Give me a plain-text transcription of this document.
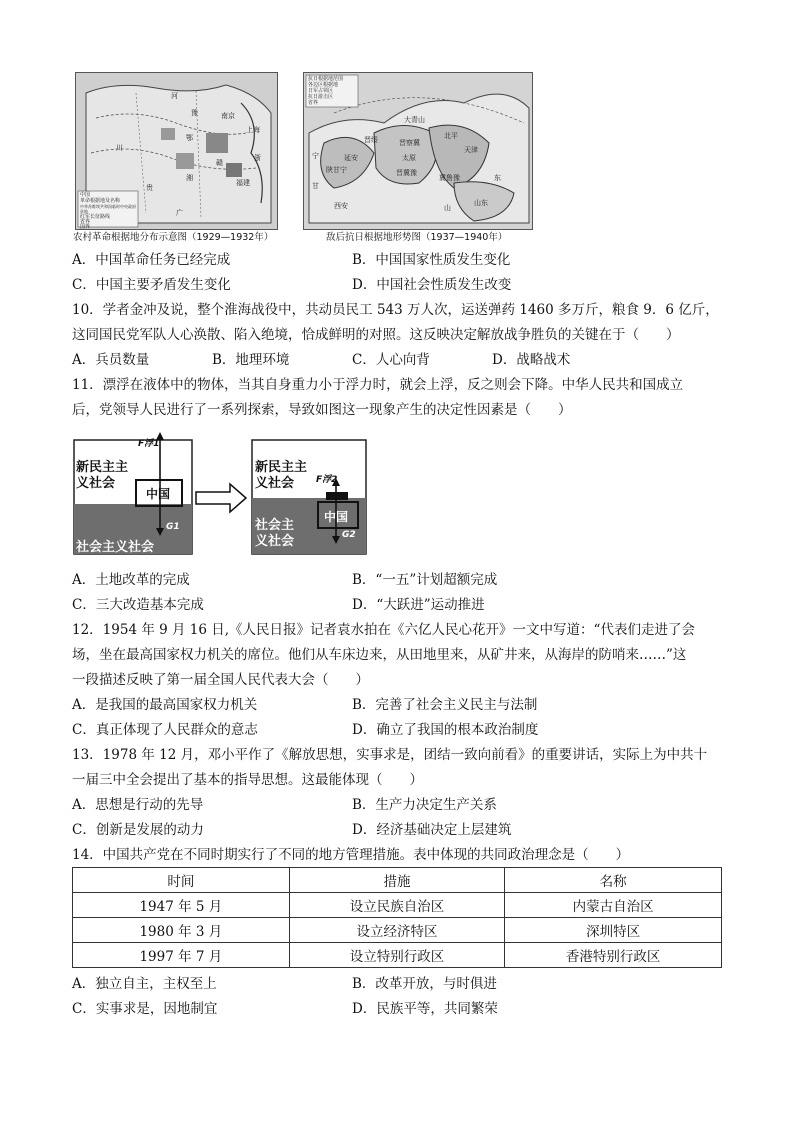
南京
上海
福建
浙
湘
赣
鄂
豫
川
贵
广
河
中国
革命根据地及名称
中华苏维埃共和国临时中央政府驻地
红军长征路线
省界
国界
农村革命根据地分布示意图（1929—1932年）
陕甘宁
晋察冀
晋绥
晋冀豫
冀鲁豫
山东
大青山
西安
北平
天津
太原
延安
宁
甘
山
东
抗日根据地范围
各边区根据地
日军占领区
抗日游击区
省界
敌后抗日根据地形势图（1937—1940年）
A．中国革命任务已经完成	B．中国国家性质发生变化
C．中国主要矛盾发生变化	D．中国社会性质发生改变
10．学者金冲及说，整个淮海战役中，共动员民工 543 万人次，运送弹药 1460 多万斤，粮食 9．6 亿斤，
这同国民党军队人心涣散、陷入绝境，恰成鲜明的对照。这反映决定解放战争胜负的关键在于（　　）
A．兵员数量	B．地理环境	C．人心向背	D．战略战术
11．漂浮在液体中的物体，当其自身重力小于浮力时，就会上浮，反之则会下降。中华人民共和国成立
后，党领导人民进行了一系列探索，导致如图这一现象产生的决定性因素是（　　）
新民主主
义社会
中国
社会主义社会
F浮1
G1
新民主主
义社会
中国
社会主
义社会
F浮2
G2
A．土地改革的完成	B．“一五”计划超额完成
C．三大改造基本完成	D．“大跃进”运动推进
12．1954 年 9 月 16 日,《人民日报》记者袁水拍在《六亿人民心花开》一文中写道：“代表们走进了会
场，坐在最高国家权力机关的席位。他们从车床边来，从田地里来，从矿井来，从海岸的防哨来……”这
一段描述反映了第一届全国人民代表大会（　　）
A．是我国的最高国家权力机关	B．完善了社会主义民主与法制
C．真正体现了人民群众的意志	D．确立了我国的根本政治制度
13．1978 年 12 月，邓小平作了《解放思想，实事求是，团结一致向前看》的重要讲话，实际上为中共十
一届三中全会提出了基本的指导思想。这最能体现（　　）
A．思想是行动的先导	B．生产力决定生产关系
C．创新是发展的动力	D．经济基础决定上层建筑
14．中国共产党在不同时期实行了不同的地方管理措施。表中体现的共同政治理念是（　　）
时间	措施	名称
1947 年 5 月	设立民族自治区	内蒙古自治区
1980 年 3 月	设立经济特区	深圳特区
1997 年 7 月	设立特别行政区	香港特别行政区
A．独立自主，主权至上	B．改革开放，与时俱进
C．实事求是，因地制宜	D．民族平等，共同繁荣
